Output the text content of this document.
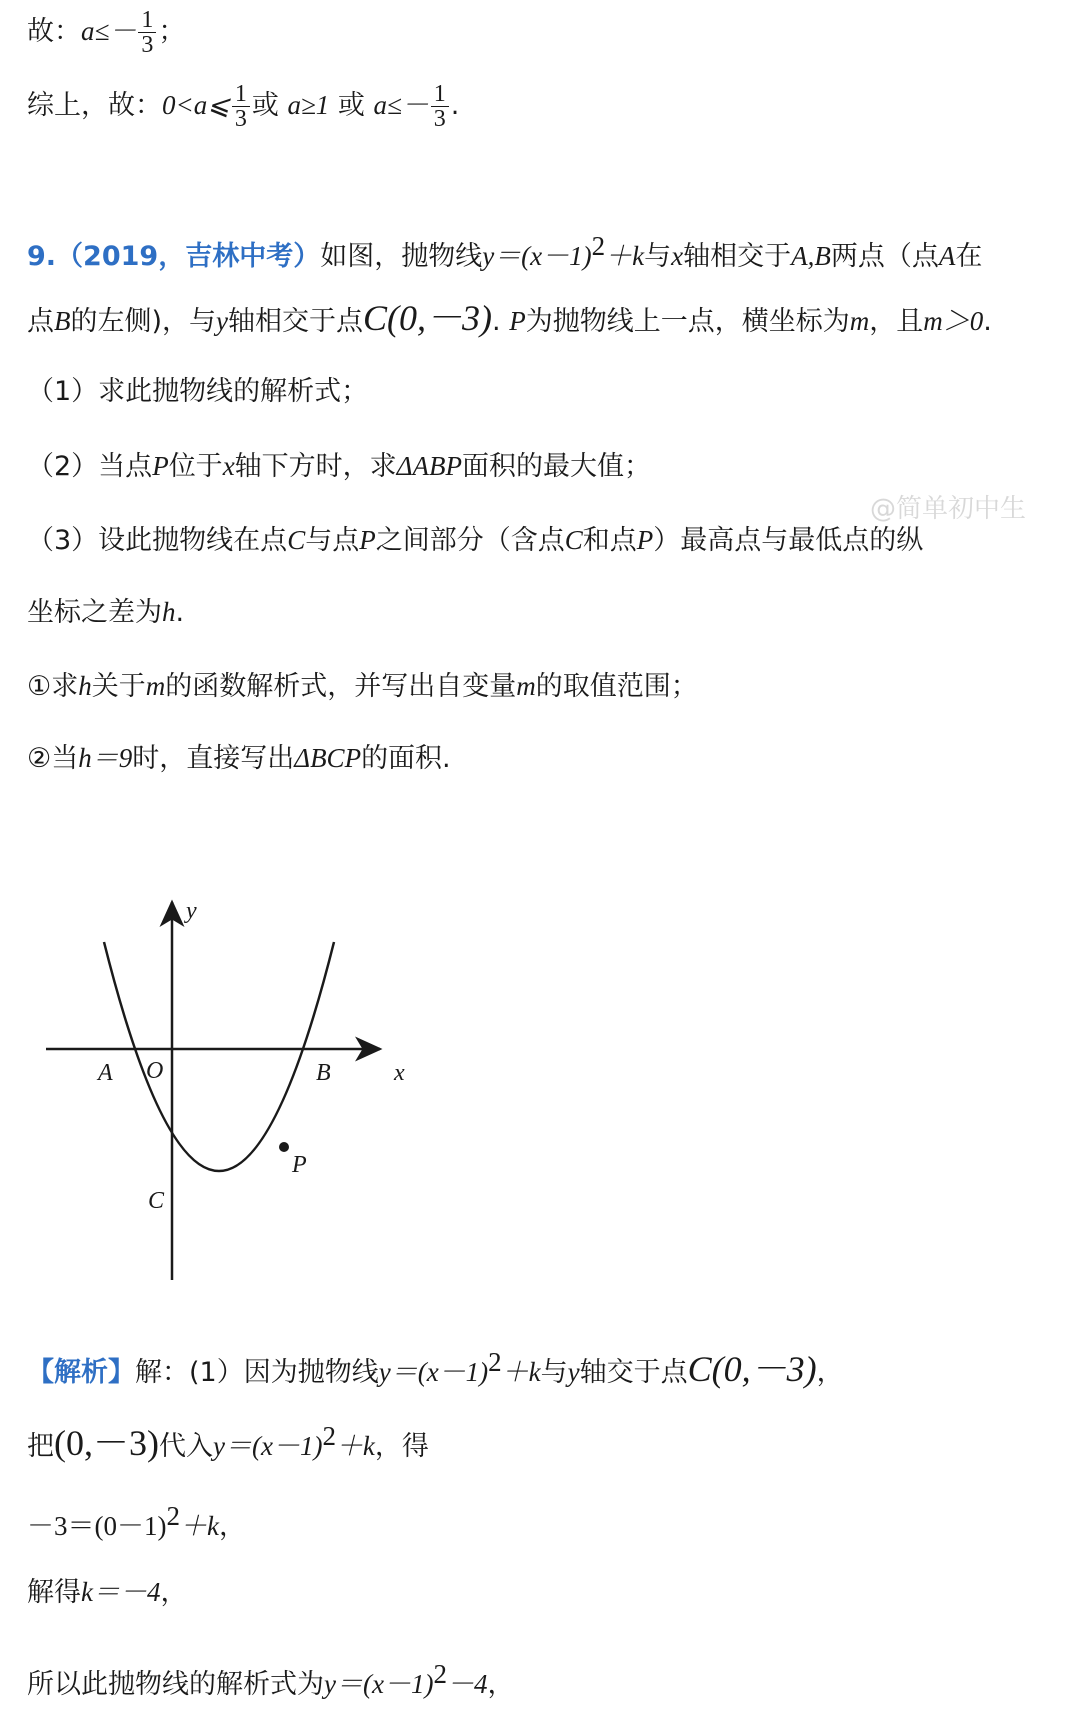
故：$a\le- \frac{1}{3}$ ；
综上，故：0<a⩽ $\frac{1}{3}$ 或 a≥1 或 $a\le- \frac{1}{3}$ .
9.（2019，吉林中考）如图，抛物线$y=(x-1)^2+k$与x轴相交于A,B两点（点A在
点B的左侧)，与y轴相交于点C(0,－3). P为抛物线上一点，横坐标为m，且m＞0.
（1）求此抛物线的解析式；
（2）当点P位于x轴下方时，求ΔABP面积的最大值；
@简单初中生
（3）设此抛物线在点C与点P之间部分（含点C和点P）最高点与最低点的纵
坐标之差为h.
①求h关于m的函数解析式，并写出自变量m的取值范围；
②当h＝9时，直接写出ΔBCP的面积.
y
x
A O	B
C
P
【解析】解：(1）因为抛物线$y=(x-1)^2+k$与y轴交于点C(0,－3)，
把(0,－3)代入$y=(x-1)^2+k$，得
$-3=(0-1)^2+k$，
解得k＝－4，
所以此抛物线的解析式为$y=(x-1)^2-4$，
